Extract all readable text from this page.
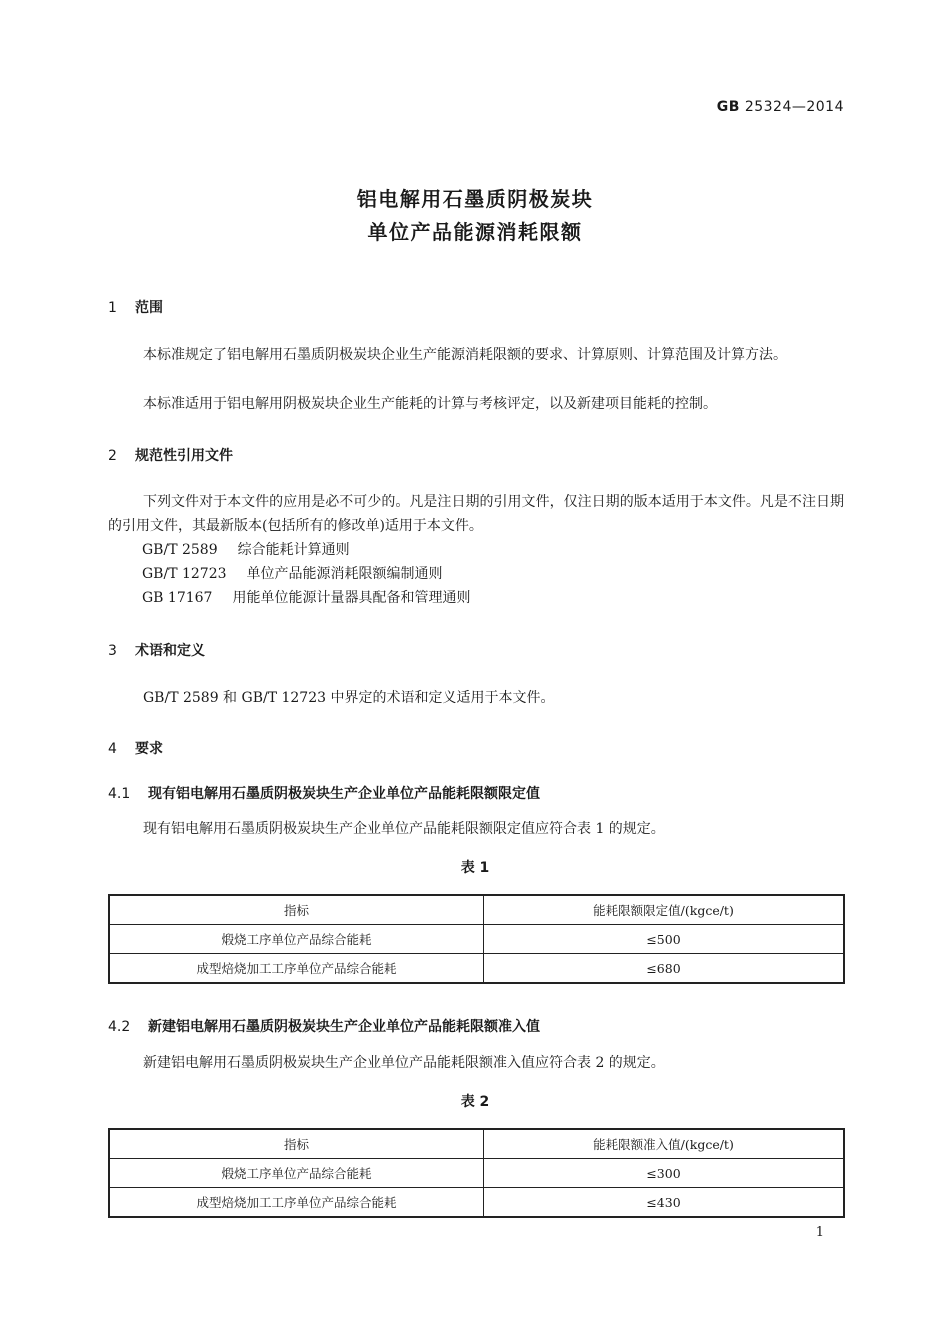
GB 25324—2014
铝电解用石墨质阴极炭块
单位产品能源消耗限额
1 范围

本标准规定了铝电解用石墨质阴极炭块企业生产能源消耗限额的要求、计算原则、计算范围及计算方法。

本标准适用于铝电解用阴极炭块企业生产能耗的计算与考核评定，以及新建项目能耗的控制。

2 规范性引用文件

下列文件对于本文件的应用是必不可少的。凡是注日期的引用文件，仅注日期的版本适用于本文件。凡是不注日期的引用文件，其最新版本(包括所有的修改单)适用于本文件。

GB/T 2589 综合能耗计算通则
GB/T 12723 单位产品能源消耗限额编制通则
GB 17167 用能单位能源计量器具配备和管理通则
3 术语和定义

GB/T 2589 和 GB/T 12723 中界定的术语和定义适用于本文件。

4 要求
4.1 现有铝电解用石墨质阴极炭块生产企业单位产品能耗限额限定值

现有铝电解用石墨质阴极炭块生产企业单位产品能耗限额限定值应符合表 1 的规定。

表 1
指标	能耗限额限定值/(kgce/t)
煅烧工序单位产品综合能耗	≤500
成型焙烧加工工序单位产品综合能耗	≤680
4.2 新建铝电解用石墨质阴极炭块生产企业单位产品能耗限额准入值

新建铝电解用石墨质阴极炭块生产企业单位产品能耗限额准入值应符合表 2 的规定。

表 2
指标	能耗限额准入值/(kgce/t)
煅烧工序单位产品综合能耗	≤300
成型焙烧加工工序单位产品综合能耗	≤430
1
